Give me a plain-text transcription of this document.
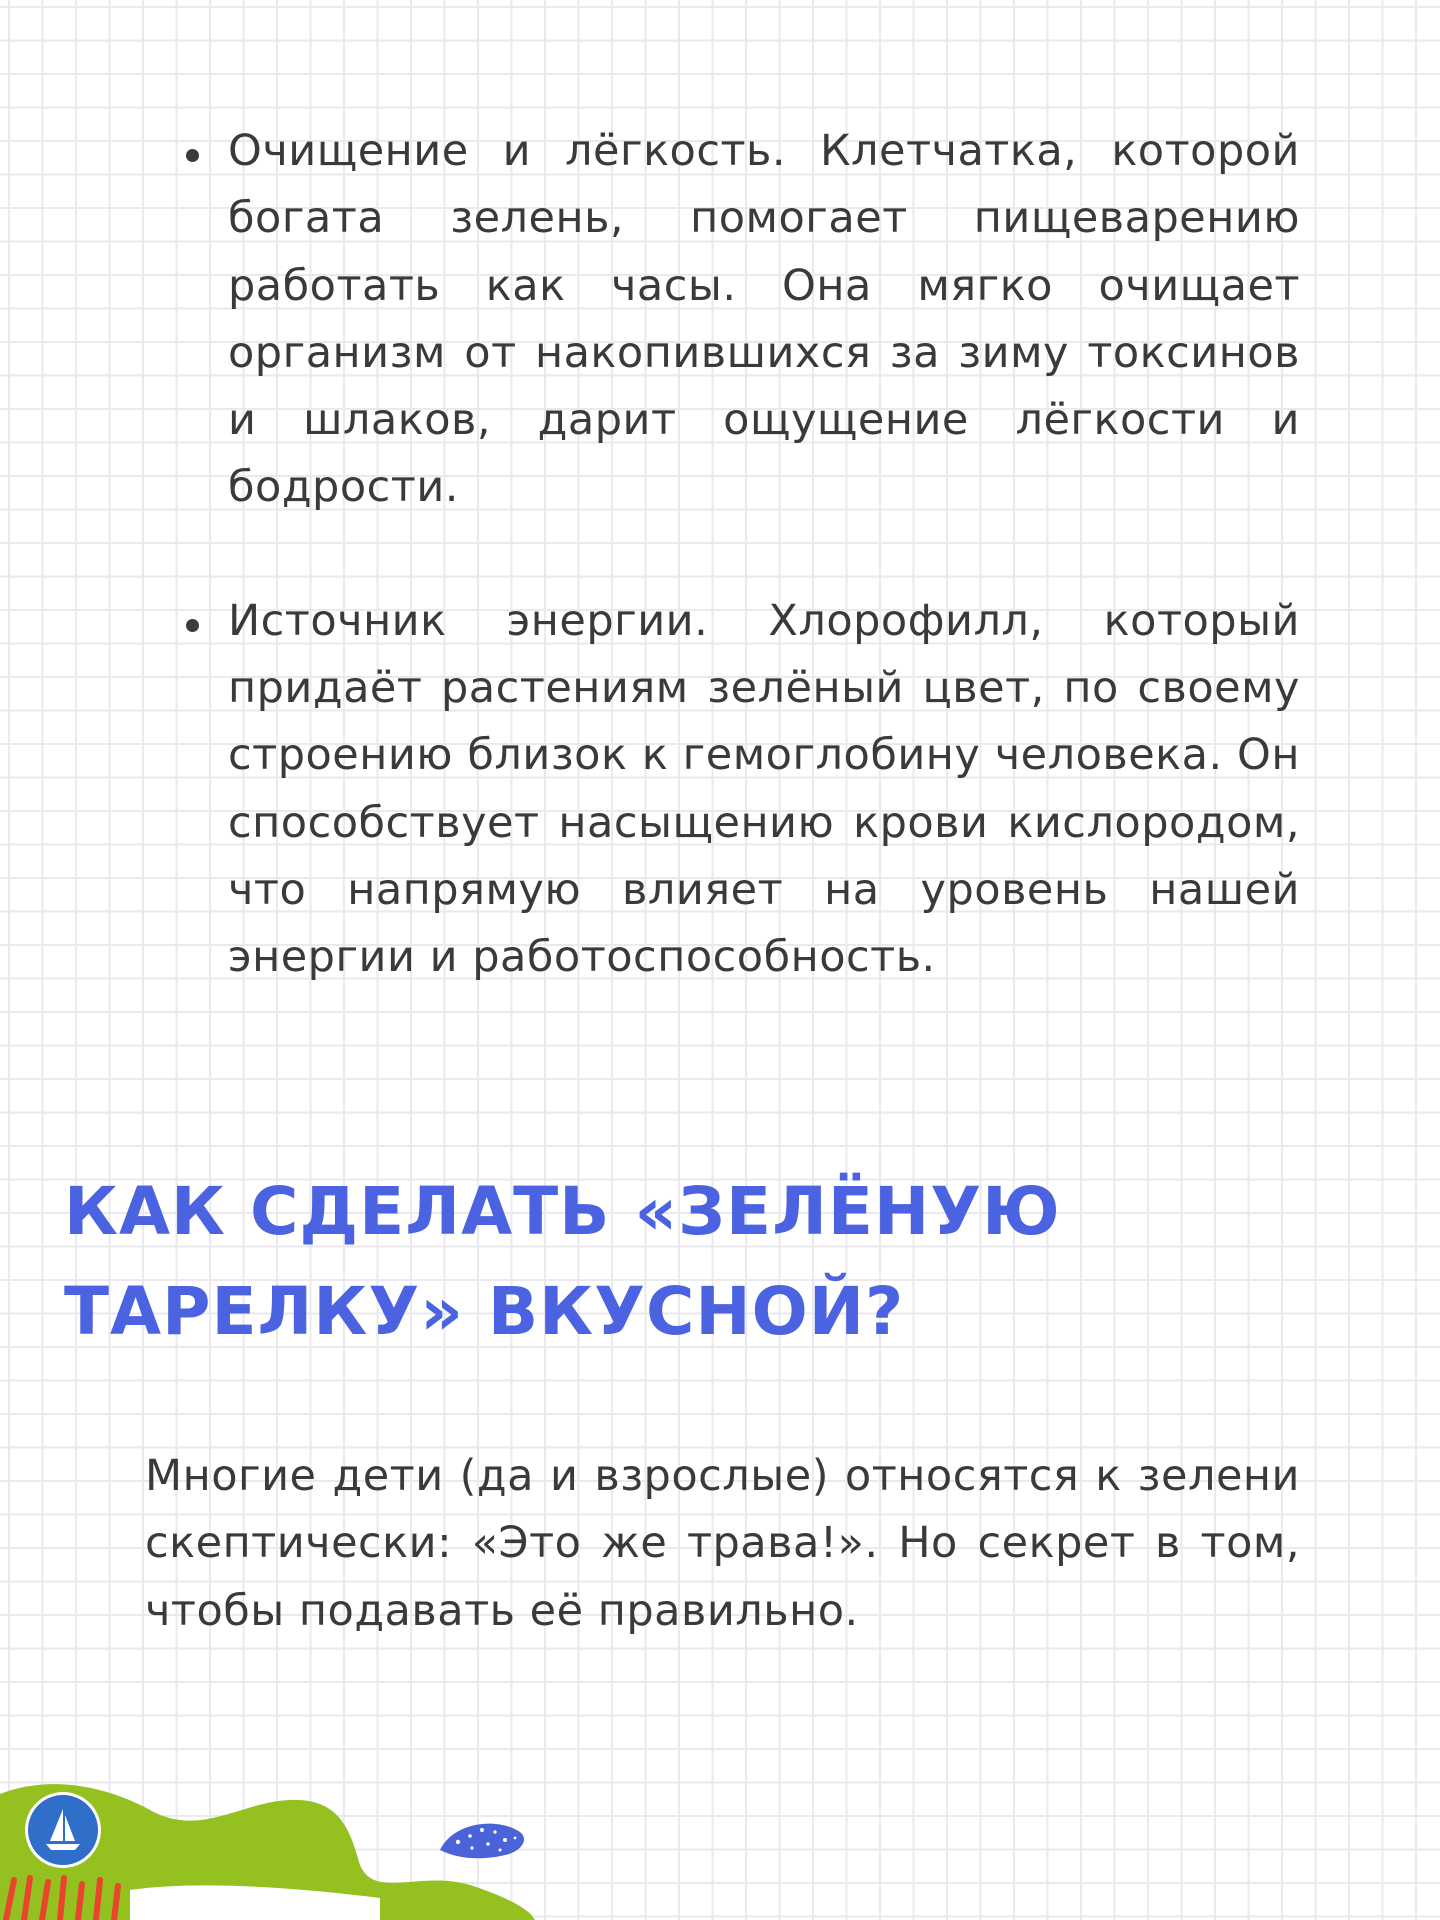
Очищение и лёгкость. Клетчатка, которой богата зелень, помогает пищеварению работать как часы. Она мягко очищает организм от накопившихся за зиму токсинов и шлаков, дарит ощущение лёгкости и бодрости.

Источник энергии. Хлорофилл, который придаёт растениям зелёный цвет, по своему строению близок к гемоглобину человека. Он способствует насыщению крови кислородом, что напрямую влияет на уровень нашей энергии и работоспособность.

КАК СДЕЛАТЬ «ЗЕЛЁНУЮ
ТАРЕЛКУ» ВКУСНОЙ?

Многие дети (да и взрослые) относятся к зелени скептически: «Это же трава!». Но секрет в том, чтобы подавать её правильно.
